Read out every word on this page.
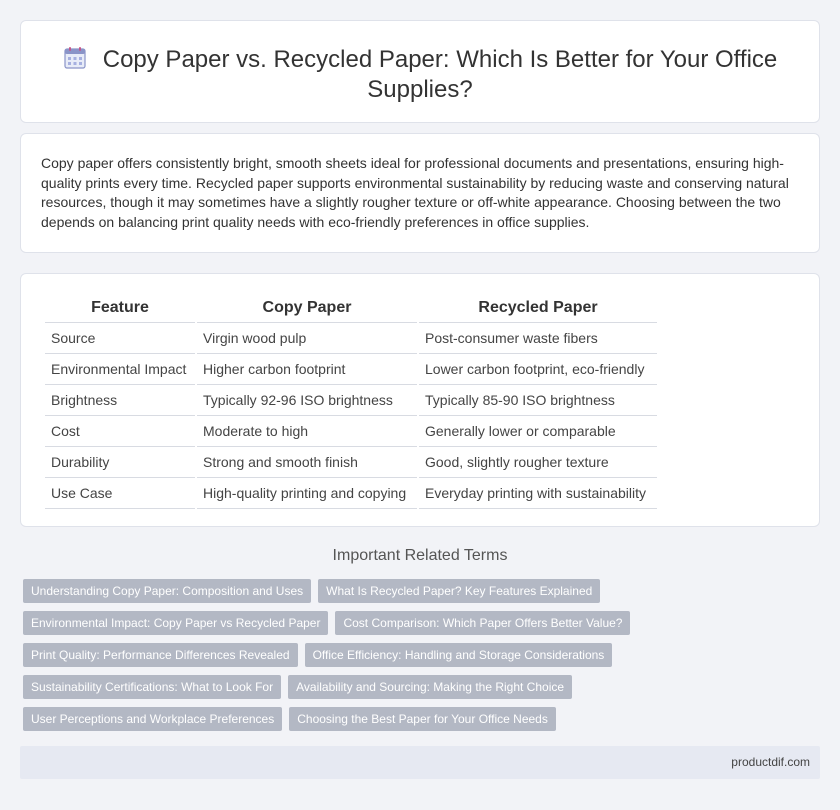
Copy Paper vs. Recycled Paper: Which Is Better for Your Office Supplies?

Copy paper offers consistently bright, smooth sheets ideal for professional documents and presentations, ensuring high-quality prints every time. Recycled paper supports environmental sustainability by reducing waste and conserving natural resources, though it may sometimes have a slightly rougher texture or off-white appearance. Choosing between the two depends on balancing print quality needs with eco-friendly preferences in office supplies.

Feature	Copy Paper	Recycled Paper
Source	Virgin wood pulp	Post-consumer waste fibers
Environmental Impact	Higher carbon footprint	Lower carbon footprint, eco-friendly
Brightness	Typically 92-96 ISO brightness	Typically 85-90 ISO brightness
Cost	Moderate to high	Generally lower or comparable
Durability	Strong and smooth finish	Good, slightly rougher texture
Use Case	High-quality printing and copying	Everyday printing with sustainability
Important Related Terms
Understanding Copy Paper: Composition and Uses	What Is Recycled Paper? Key Features Explained
Environmental Impact: Copy Paper vs Recycled Paper	Cost Comparison: Which Paper Offers Better Value?
Print Quality: Performance Differences Revealed	Office Efficiency: Handling and Storage Considerations
Sustainability Certifications: What to Look For	Availability and Sourcing: Making the Right Choice
User Perceptions and Workplace Preferences	Choosing the Best Paper for Your Office Needs
productdif.com
